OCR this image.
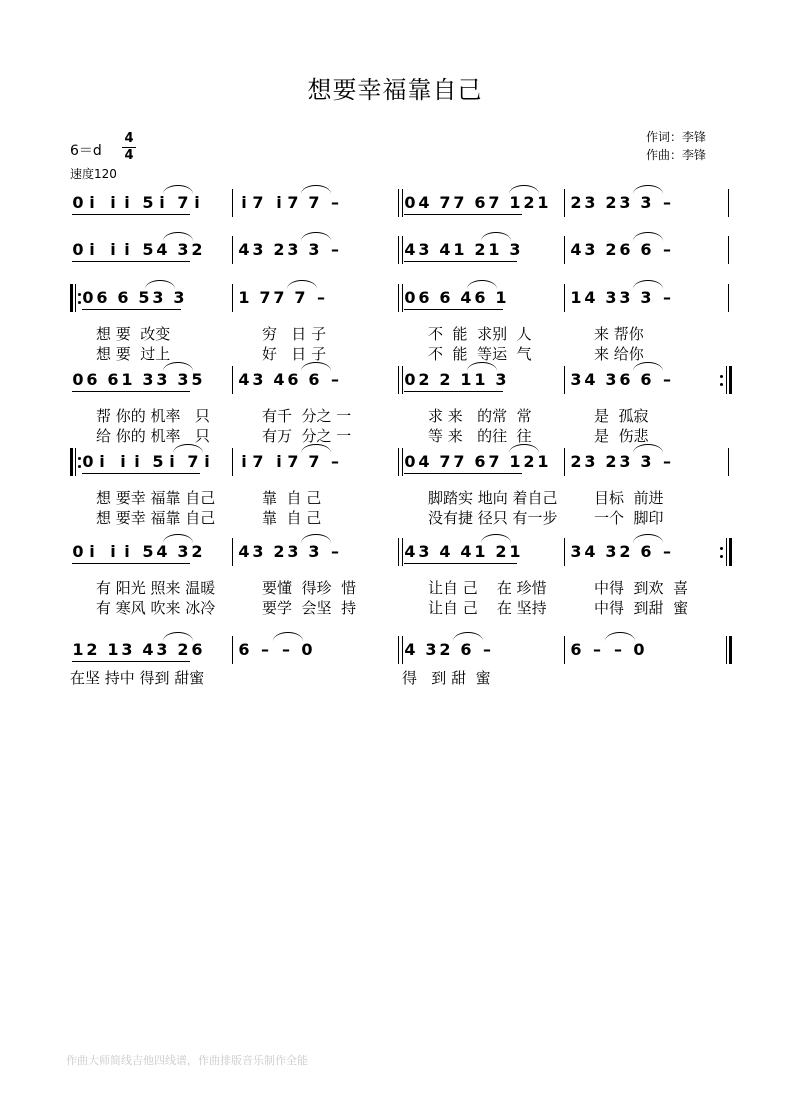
想要幸福靠自己
6＝d
4
4
速度120
作词：李锋
作曲：李锋
0 i i i 5 i 7 i	i 7 i 7 7 –	0 4 7 7 6 7 1 2 1 2 3 2 3 3 –
0 i i i 5 4 3 2 4 3 2 3 3 –	4 3 4 1 2 1 3	4 3 2 6 6 –
0 6 6 5 3 3	1 7 7 7 –	0 6 6 4 6 1	1 4 3 3 3 –
想 要  改变	穷   日 子	不  能  求别  人	来 帮你
想 要  过上	好   日 子	不  能  等运  气	来 给你
0 6 6 1 3 3 3 5 4 3 4 6 6 –	0 2 2 1 1 3	3 4 3 6 6 –
帮 你的 机率   只	有千  分之 一	求 来   的常  常	是  孤寂
给 你的 机率   只	有万  分之 一	等 来   的往  往	是  伤悲
0 i i i 5 i 7 i i 7 i 7 7 –	0 4 7 7 6 7 1 2 1 2 3 2 3 3 –
想 要幸 福靠 自己	靠  自 己	脚踏实 地向 着自己 目标  前进
想 要幸 福靠 自己	靠  自 己	没有捷 径只 有一步 一个  脚印
0 i i i 5 4 3 2 4 3 2 3 3 –	4 3 4 4 1 2 1	3 4 3 2 6 –
有 阳光 照来 温暖	要懂  得珍  惜	让自 己    在 珍惜	中得  到欢  喜
有 寒风 吹来 冰冷	要学  会坚  持	让自 己    在 坚持	中得  到甜  蜜
1 2 1 3 4 3 2 6 6 – – 0	4 3 2 6 –	6 – – 0
在坚 持中 得到 甜蜜	得   到 甜  蜜
作曲大师简线吉他四线谱，作曲排版音乐制作全能
